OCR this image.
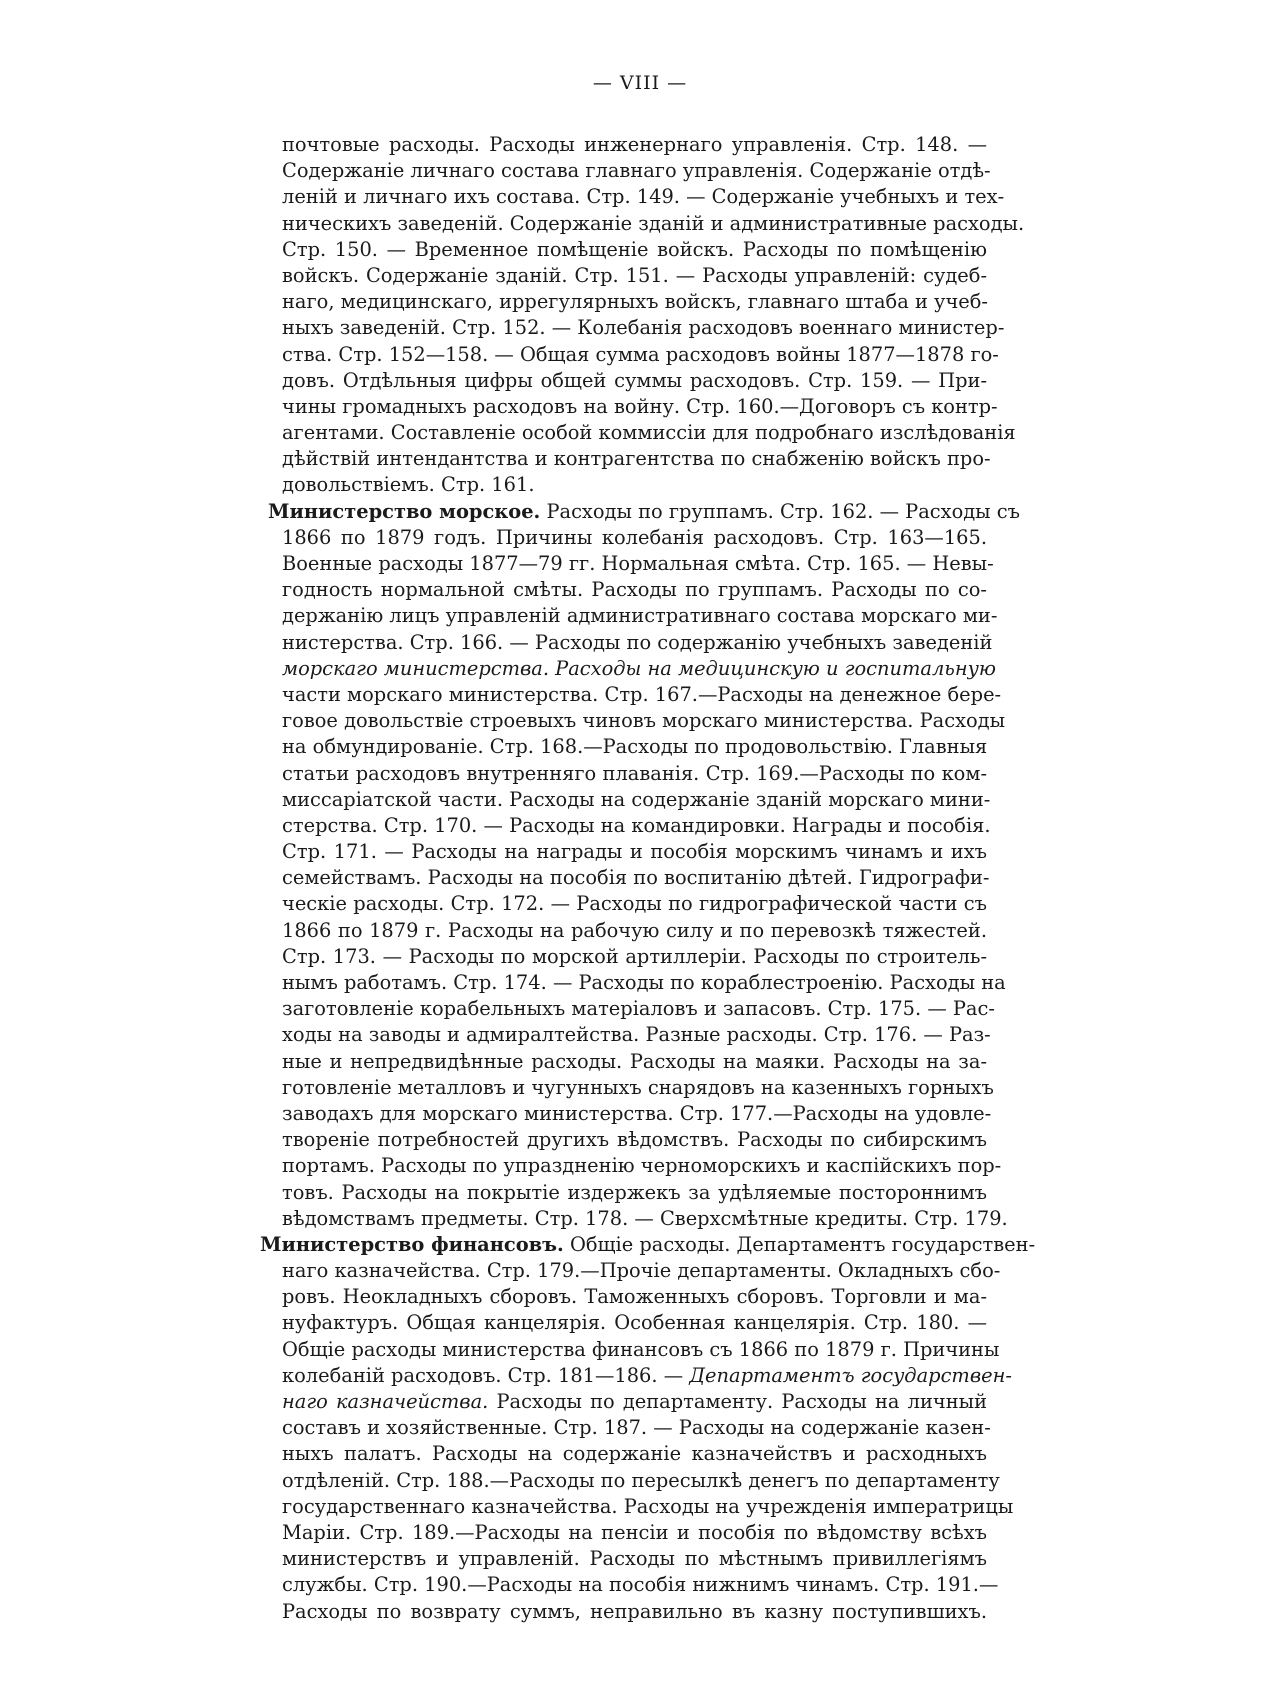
— VIII —
почтовые расходы. Расходы инженернаго управленія. Стр. 148. —
Содержаніе личнаго состава главнаго управленія. Содержаніе отдѣ-
леній и личнаго ихъ состава. Стр. 149. — Содержаніе учебныхъ и тех-
ническихъ заведеній. Содержаніе зданій и административные расходы.
Стр. 150. — Временное помѣщеніе войскъ. Расходы по помѣщенію
войскъ. Содержаніе зданій. Стр. 151. — Расходы управленій: судеб-
наго, медицинскаго, иррегулярныхъ войскъ, главнаго штаба и учеб-
ныхъ заведеній. Стр. 152. — Колебанія расходовъ военнаго министер-
ства. Стр. 152—158. — Общая сумма расходовъ войны 1877—1878 го-
довъ. Отдѣльныя цифры общей суммы расходовъ. Стр. 159. — При-
чины громадныхъ расходовъ на войну. Стр. 160.—Договоръ съ контр-
агентами. Составленіе особой коммиссіи для подробнаго изслѣдованія
дѣйствій интендантства и контрагентства по снабженію войскъ про-
довольствіемъ. Стр. 161.
Министерство морское. Расходы по группамъ. Стр. 162. — Расходы съ
1866 по 1879 годъ. Причины колебанія расходовъ. Стр. 163—165.
Военные расходы 1877—79 гг. Нормальная смѣта. Стр. 165. — Невы-
годность нормальной смѣты. Расходы по группамъ. Расходы по со-
держанію лицъ управленій административнаго состава морскаго ми-
нистерства. Стр. 166. — Расходы по содержанію учебныхъ заведеній
морскаго министерства. Расходы на медицинскую и госпитальную
части морскаго министерства. Стр. 167.—Расходы на денежное бере-
говое довольствіе строевыхъ чиновъ морскаго министерства. Расходы
на обмундированіе. Стр. 168.—Расходы по продовольствію. Главныя
статьи расходовъ внутренняго плаванія. Стр. 169.—Расходы по ком-
миссаріатской части. Расходы на содержаніе зданій морскаго мини-
стерства. Стр. 170. — Расходы на командировки. Награды и пособія.
Стр. 171. — Расходы на награды и пособія морскимъ чинамъ и ихъ
семействамъ. Расходы на пособія по воспитанію дѣтей. Гидрографи-
ческіе расходы. Стр. 172. — Расходы по гидрографической части съ
1866 по 1879 г. Расходы на рабочую силу и по перевозкѣ тяжестей.
Стр. 173. — Расходы по морской артиллеріи. Расходы по строитель-
нымъ работамъ. Стр. 174. — Расходы по кораблестроенію. Расходы на
заготовленіе корабельныхъ матеріаловъ и запасовъ. Стр. 175. — Рас-
ходы на заводы и адмиралтейства. Разные расходы. Стр. 176. — Раз-
ные и непредвидѣнные расходы. Расходы на маяки. Расходы на за-
готовленіе металловъ и чугунныхъ снарядовъ на казенныхъ горныхъ
заводахъ для морскаго министерства. Стр. 177.—Расходы на удовле-
твореніе потребностей другихъ вѣдомствъ. Расходы по сибирскимъ
портамъ. Расходы по упраздненію черноморскихъ и каспійскихъ пор-
товъ. Расходы на покрытіе издержекъ за удѣляемые постороннимъ
вѣдомствамъ предметы. Стр. 178. — Сверхсмѣтные кредиты. Стр. 179.
Министерство финансовъ. Общіе расходы. Департаментъ государствен-
наго казначейства. Стр. 179.—Прочіе департаменты. Окладныхъ сбо-
ровъ. Неокладныхъ сборовъ. Таможенныхъ сборовъ. Торговли и ма-
нуфактуръ. Общая канцелярія. Особенная канцелярія. Стр. 180. —
Общіе расходы министерства финансовъ съ 1866 по 1879 г. Причины
колебаній расходовъ. Стр. 181—186. — Департаментъ государствен-
наго казначейства. Расходы по департаменту. Расходы на личный
составъ и хозяйственные. Стр. 187. — Расходы на содержаніе казен-
ныхъ палатъ. Расходы на содержаніе казначействъ и расходныхъ
отдѣленій. Стр. 188.—Расходы по пересылкѣ денегъ по департаменту
государственнаго казначейства. Расходы на учрежденія императрицы
Маріи. Стр. 189.—Расходы на пенсіи и пособія по вѣдомству всѣхъ
министерствъ и управленій. Расходы по мѣстнымъ привиллегіямъ
службы. Стр. 190.—Расходы на пособія нижнимъ чинамъ. Стр. 191.—
Расходы по возврату суммъ, неправильно въ казну поступившихъ.
